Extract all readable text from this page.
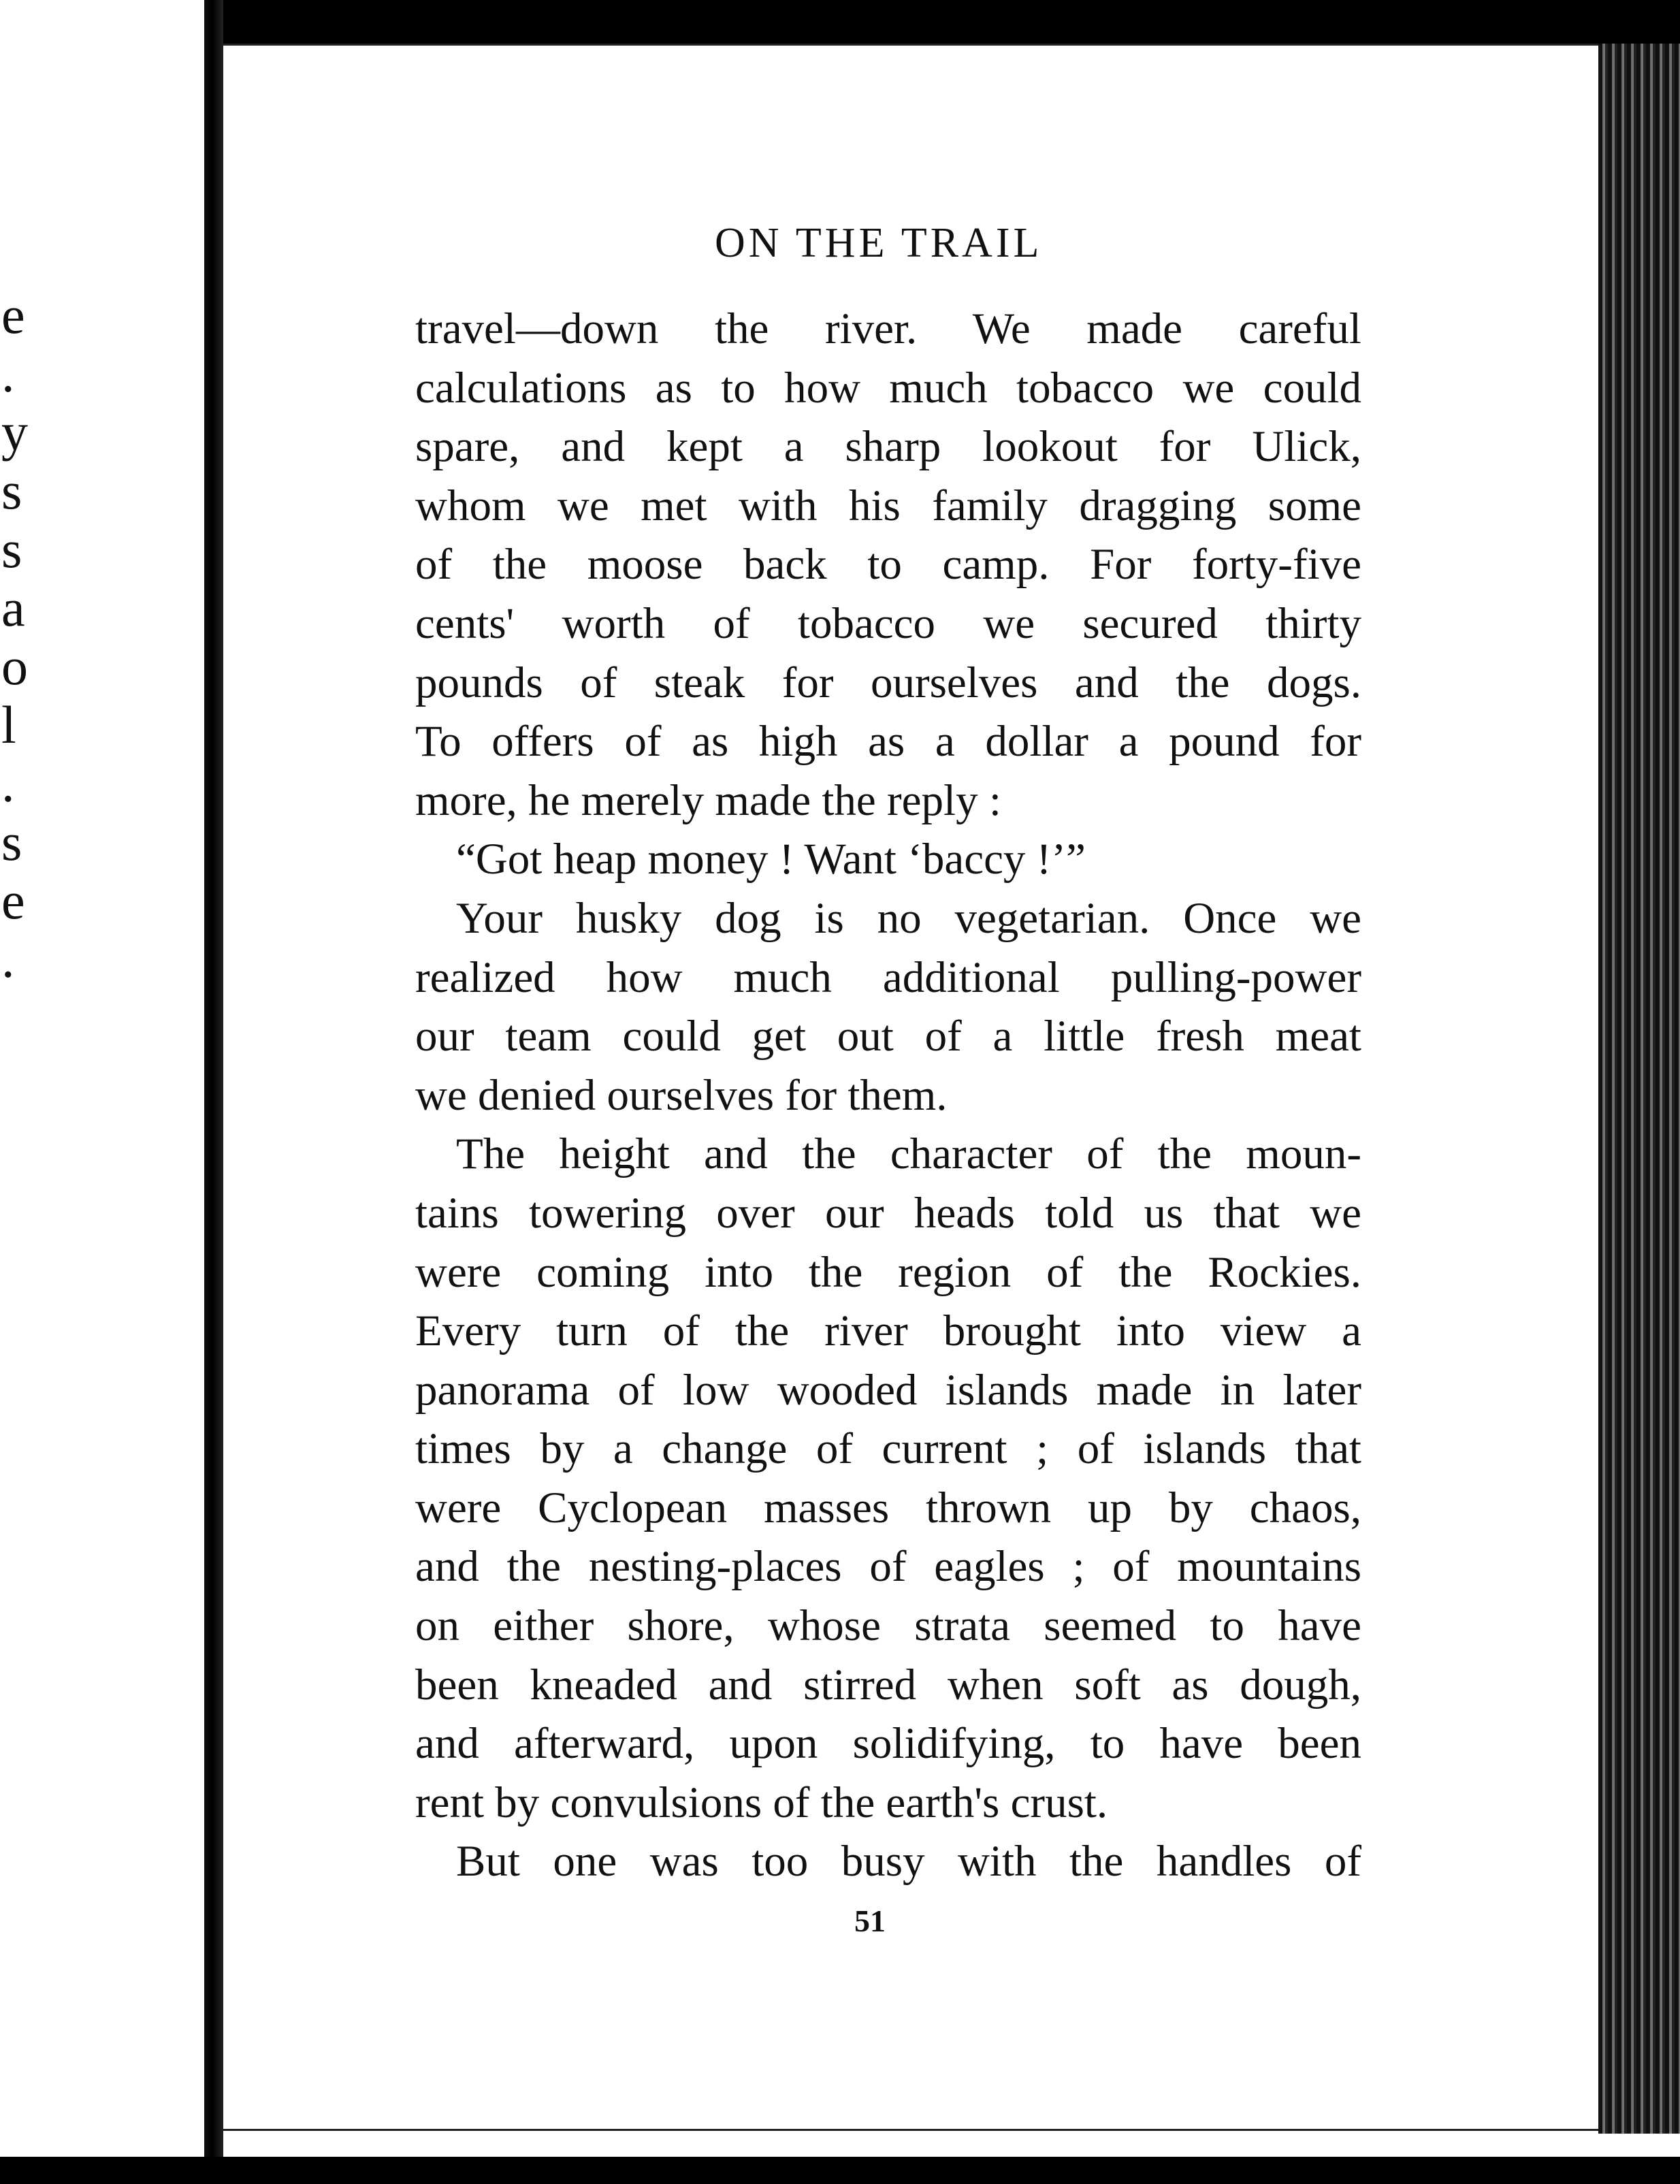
e
.
y
s
s
a
o
l
.
s
e
.
ON THE TRAIL
travel—down the river. We made careful
calculations as to how much tobacco we could
spare, and kept a sharp lookout for Ulick,
whom we met with his family dragging some
of the moose back to camp. For forty-five
cents' worth of tobacco we secured thirty
pounds of steak for ourselves and the dogs.
To offers of as high as a dollar a pound for
more, he merely made the reply :
“Got heap money ! Want ‘baccy !’”
Your husky dog is no vegetarian. Once we
realized how much additional pulling-power
our team could get out of a little fresh meat
we denied ourselves for them.
The height and the character of the moun-
tains towering over our heads told us that we
were coming into the region of the Rockies.
Every turn of the river brought into view a
panorama of low wooded islands made in later
times by a change of current ; of islands that
were Cyclopean masses thrown up by chaos,
and the nesting-places of eagles ; of mountains
on either shore, whose strata seemed to have
been kneaded and stirred when soft as dough,
and afterward, upon solidifying, to have been
rent by convulsions of the earth's crust.
But one was too busy with the handles of
51
